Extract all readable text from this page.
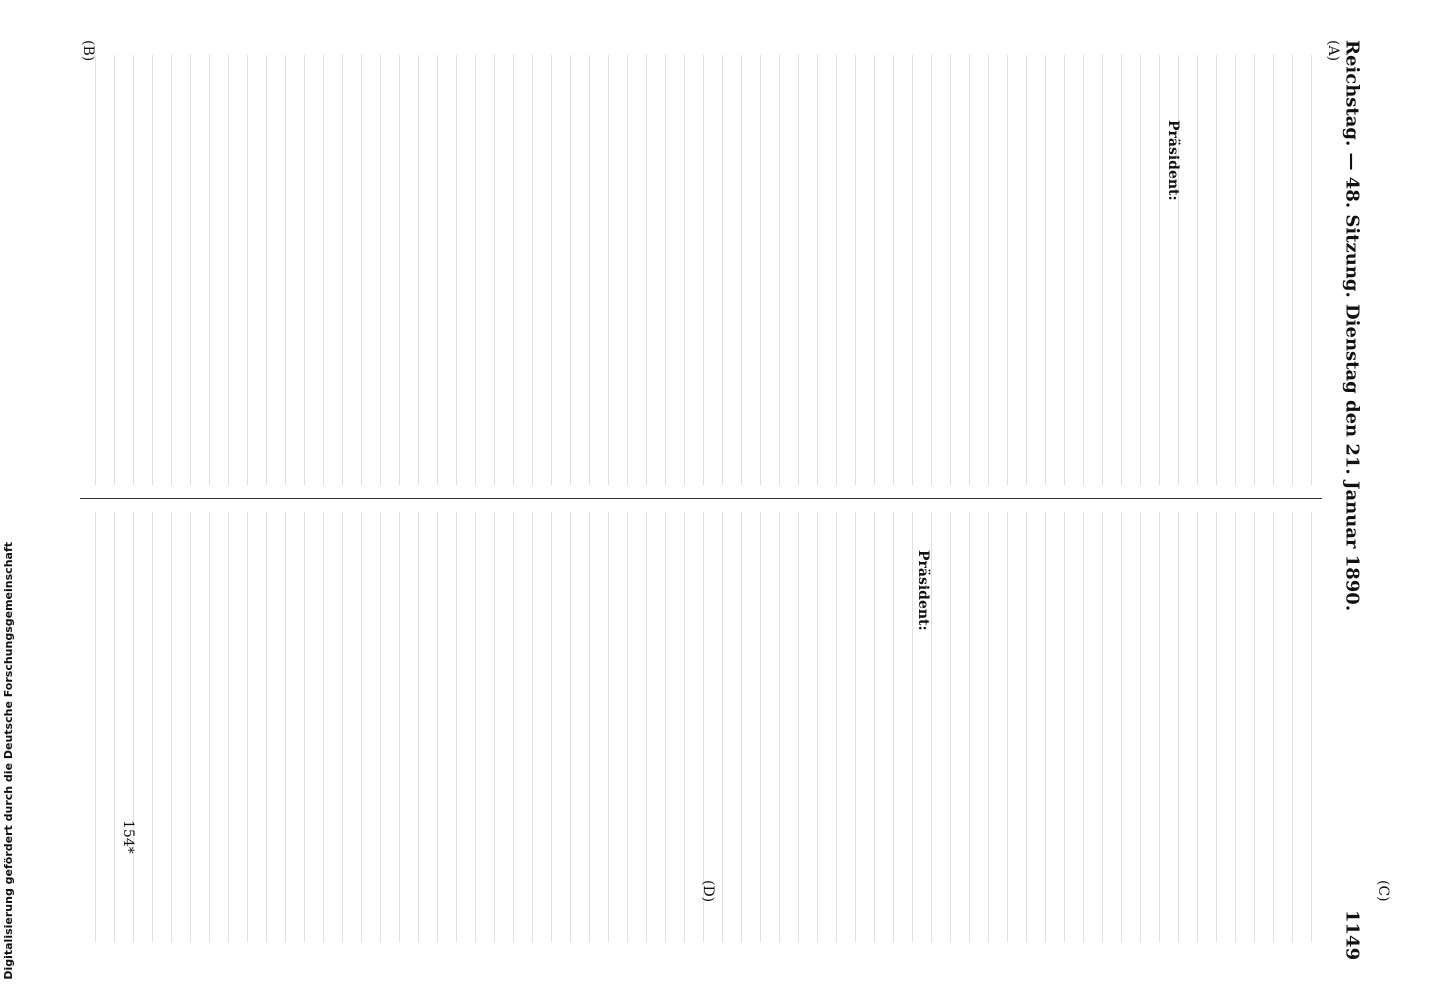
Reichstag. — 48. Sitzung. Dienstag den 21. Januar 1890.
1149
Präsident:
Präsident:
(A)
(C)
(B)
(D)
154*
Digitalisierung gefördert durch die Deutsche Forschungsgemeinschaft
